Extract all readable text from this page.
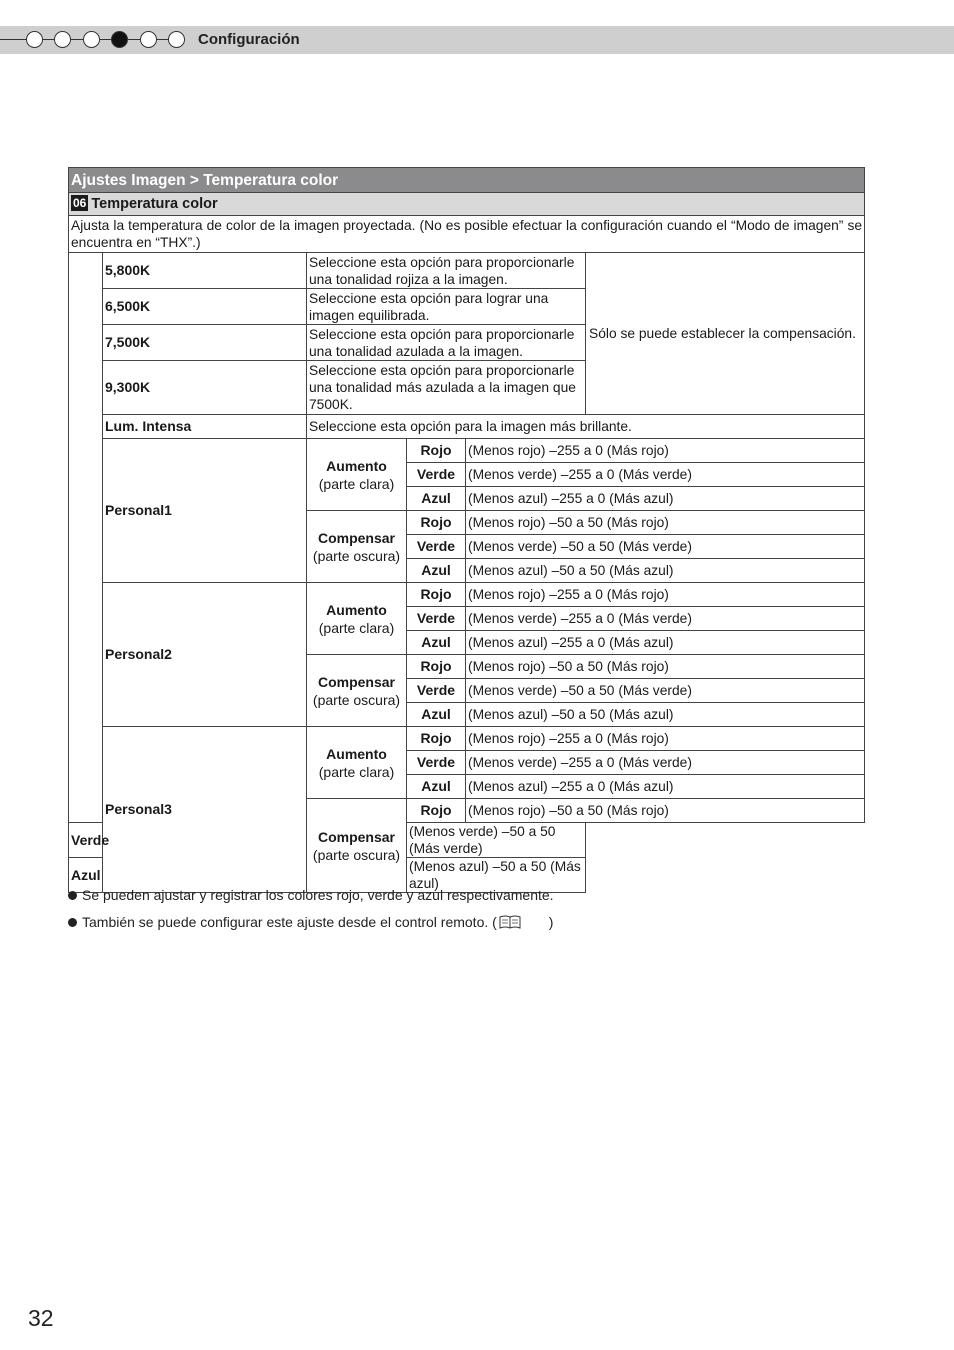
Configuración
Ajustes Imagen > Temperatura color					
06 Temperatura color					
Ajusta la temperatura de color de la imagen proyectada. (No es posible efectuar la configuración cuando el “Modo de imagen” se encuentra en “THX”.)					
	5,800K	Seleccione esta opción para proporcionarle una tonalidad rojiza a la imagen.			Sólo se puede establecer la compensación.
	6,500K	Seleccione esta opción para lograr una imagen equilibrada.			
	7,500K	Seleccione esta opción para proporcionarle una tonalidad azulada a la imagen.			
	9,300K	Seleccione esta opción para proporcionarle una tonalidad más azulada a la imagen que 7500K.			
	Lum. Intensa	Seleccione esta opción para la imagen más brillante.			
	Personal1	Aumento
(parte clara)	Rojo	(Menos rojo) –255 a 0 (Más rojo)	
			Verde	(Menos verde) –255 a 0 (Más verde)	
			Azul	(Menos azul) –255 a 0 (Más azul)	
		Compensar
(parte oscura)	Rojo	(Menos rojo) –50 a 50 (Más rojo)	
			Verde	(Menos verde) –50 a 50 (Más verde)	
			Azul	(Menos azul) –50 a 50 (Más azul)	
	Personal2	Aumento
(parte clara)	Rojo	(Menos rojo) –255 a 0 (Más rojo)	
			Verde	(Menos verde) –255 a 0 (Más verde)	
			Azul	(Menos azul) –255 a 0 (Más azul)	
		Compensar
(parte oscura)	Rojo	(Menos rojo) –50 a 50 (Más rojo)	
			Verde	(Menos verde) –50 a 50 (Más verde)	
			Azul	(Menos azul) –50 a 50 (Más azul)	
	Personal3	Aumento
(parte clara)	Rojo	(Menos rojo) –255 a 0 (Más rojo)	
			Verde	(Menos verde) –255 a 0 (Más verde)	
			Azul	(Menos azul) –255 a 0 (Más azul)	
		Compensar
(parte oscura)	Rojo	(Menos rojo) –50 a 50 (Más rojo)	
Verde			(Menos verde) –50 a 50 (Más verde)		
Azul			(Menos azul) –50 a 50 (Más azul)		
Se pueden ajustar y registrar los colores rojo, verde y azul respectivamente.
También se puede configurar este ajuste desde el control remoto. (	)
32
